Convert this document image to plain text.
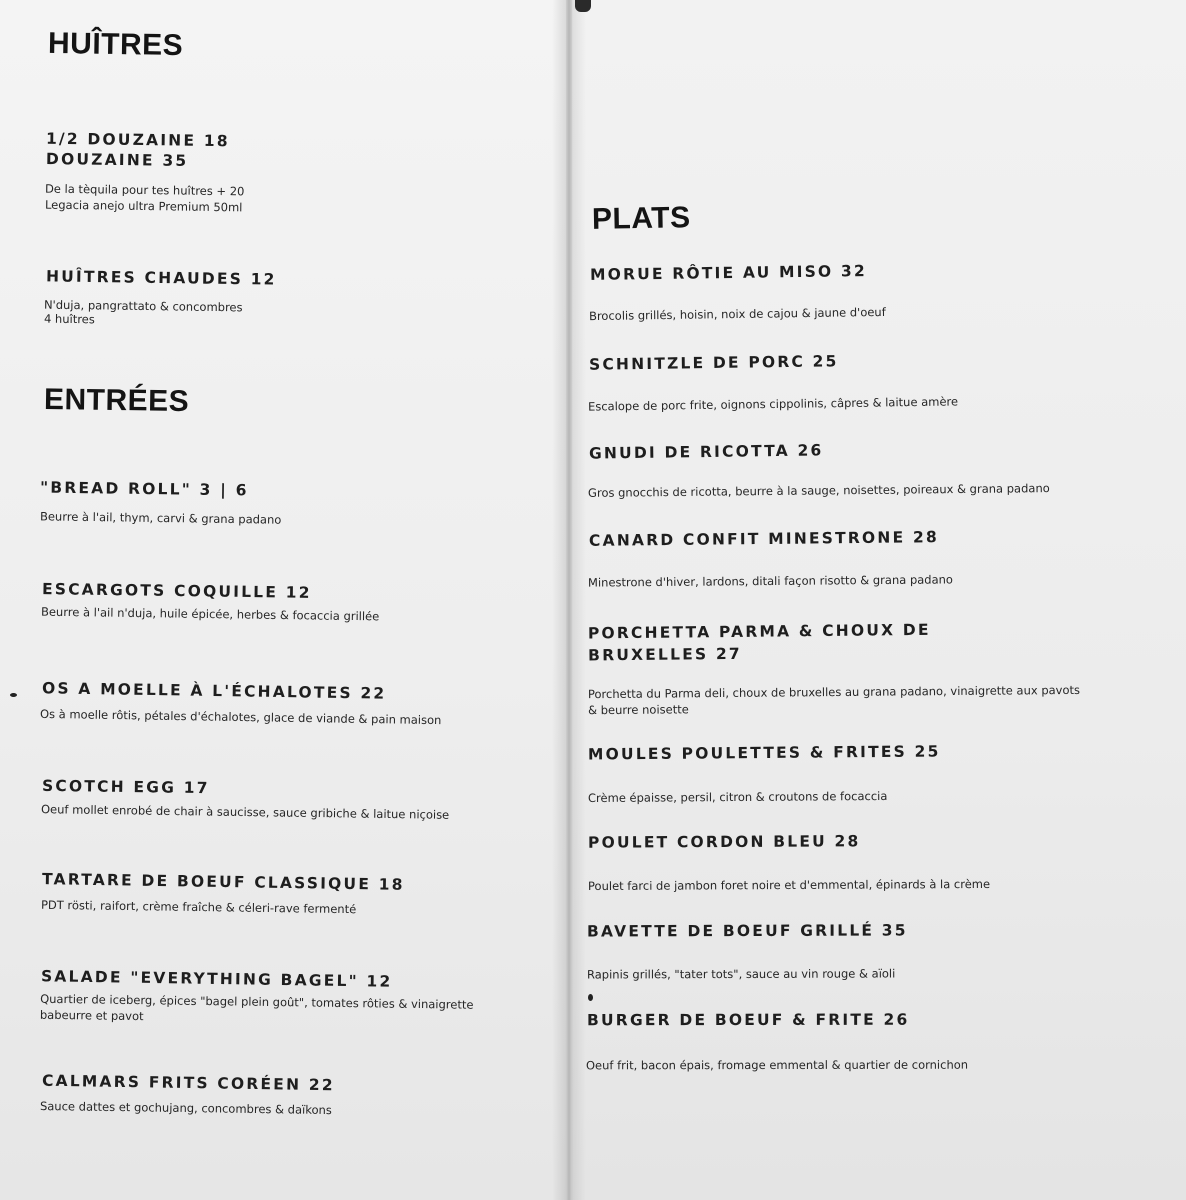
HUÎTRES
1/2 DOUZAINE 18
DOUZAINE 35
De la tèquila pour tes huîtres + 20
Legacia anejo ultra Premium 50ml
HUÎTRES CHAUDES 12
N'duja, pangrattato & concombres
4 huîtres
ENTRÉES
"BREAD ROLL" 3 | 6
Beurre à l'ail, thym, carvi & grana padano
ESCARGOTS COQUILLE 12
Beurre à l'ail n'duja, huile épicée, herbes & focaccia grillée
OS A MOELLE À L'ÉCHALOTES 22
Os à moelle rôtis, pétales d'échalotes, glace de viande & pain maison
SCOTCH EGG 17
Oeuf mollet enrobé de chair à saucisse, sauce gribiche & laitue niçoise
TARTARE DE BOEUF CLASSIQUE 18
PDT rösti, raifort, crème fraîche & céleri-rave fermenté
SALADE "EVERYTHING BAGEL" 12
Quartier de iceberg, épices "bagel plein goût", tomates rôties & vinaigrette babeurre et pavot
CALMARS FRITS CORÉEN 22
Sauce dattes et gochujang, concombres & daïkons
PLATS
MORUE RÔTIE AU MISO 32
Brocolis grillés, hoisin, noix de cajou & jaune d'oeuf
SCHNITZLE DE PORC 25
Escalope de porc frite, oignons cippolinis, câpres & laitue amère
GNUDI DE RICOTTA 26
Gros gnocchis de ricotta, beurre à la sauge, noisettes, poireaux & grana padano
CANARD CONFIT MINESTRONE 28
Minestrone d'hiver, lardons, ditali façon risotto & grana padano
PORCHETTA PARMA & CHOUX DE BRUXELLES 27
Porchetta du Parma deli, choux de bruxelles au grana padano, vinaigrette aux pavots & beurre noisette
MOULES POULETTES & FRITES 25
Crème épaisse, persil, citron & croutons de focaccia
POULET CORDON BLEU 28
Poulet farci de jambon foret noire et d'emmental, épinards à la crème
BAVETTE DE BOEUF GRILLÉ 35
Rapinis grillés, "tater tots", sauce au vin rouge & aïoli
BURGER DE BOEUF & FRITE 26
Oeuf frit, bacon épais, fromage emmental & quartier de cornichon
